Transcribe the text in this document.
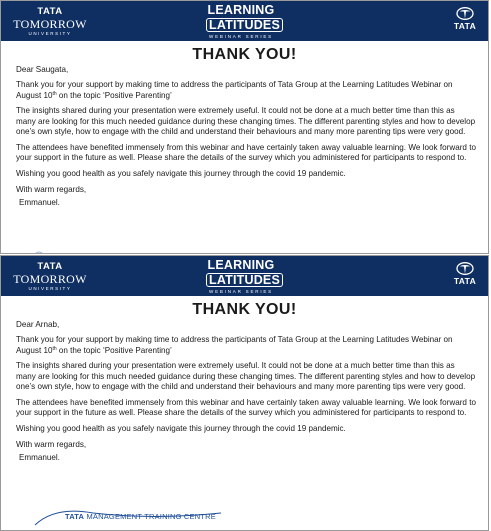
TATA
TOMORROW
UNIVERSITY
LEARNING
LATITUDES
WEBINAR SERIES
TATA
THANK YOU!

Dear Saugata,

Thank you for your support by making time to address the participants of Tata Group at the Learning Latitudes Webinar on August 10th on the topic ‘Positive Parenting’

The insights shared during your presentation were extremely useful. It could not be done at a much better time than this as many are looking for this much needed guidance during these changing times. The different parenting styles and how to develop one’s own style, how to engage with the child and understand their behaviours and many more parenting tips were very good.

The attendees have benefited immensely from this webinar and have certainly taken away valuable learning. We look forward to your support in the future as well. Please share the details of the survey which you administered for participants to respond to.

Wishing you good health as you safely navigate this journey through the covid 19 pandemic.

With warm regards,

Emmanuel.

TATA
TOMORROW
UNIVERSITY
LEARNING
LATITUDES
WEBINAR SERIES
TATA
THANK YOU!

Dear Arnab,

Thank you for your support by making time to address the participants of Tata Group at the Learning Latitudes Webinar on August 10th on the topic ‘Positive Parenting’

The insights shared during your presentation were extremely useful. It could not be done at a much better time than this as many are looking for this much needed guidance during these changing times. The different parenting styles and how to develop one’s own style, how to engage with the child and understand their behaviours and many more parenting tips were very good.

The attendees have benefited immensely from this webinar and have certainly taken away valuable learning. We look forward to your support in the future as well. Please share the details of the survey which you administered for participants to respond to.

Wishing you good health as you safely navigate this journey through the covid 19 pandemic.

With warm regards,

Emmanuel.

TATA MANAGEMENT TRAINING CENTRE
